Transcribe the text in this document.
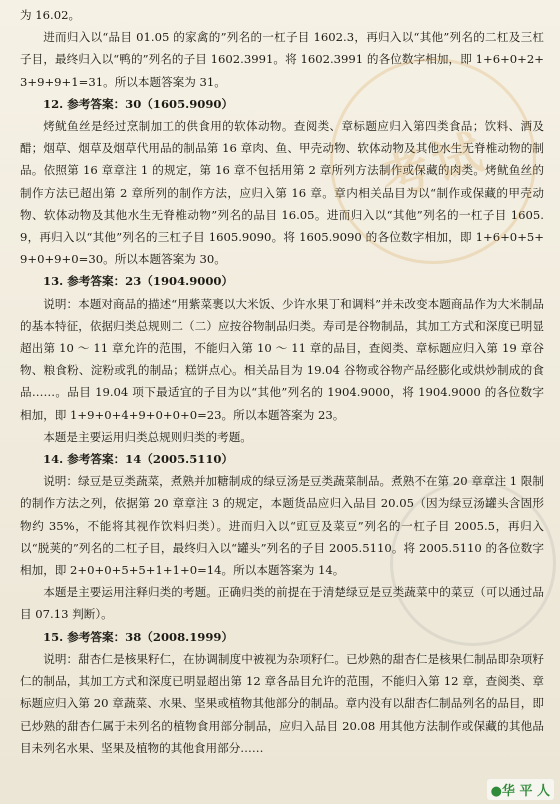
考试

为 16.02。

进而归入以“品目 01.05 的家禽的”列名的一杠子目 1602.3，再归入以“其他”列名的二杠及三杠子目，最终归入以“鸭的”列名的子目 1602.3991。将 1602.3991 的各位数字相加，即 1+6+0+2+3+9+9+1=31。所以本题答案为 31。

12. 参考答案：30（1605.9090）

烤鱿鱼丝是经过烹制加工的供食用的软体动物。查阅类、章标题应归入第四类食品；饮料、酒及醋；烟草、烟草及烟草代用品的制品第 16 章肉、鱼、甲壳动物、软体动物及其他水生无脊椎动物的制品。依照第 16 章章注 1 的规定，第 16 章不包括用第 2 章所列方法制作或保藏的肉类。烤鱿鱼丝的制作方法已超出第 2 章所列的制作方法，应归入第 16 章。章内相关品目为以“制作或保藏的甲壳动物、软体动物及其他水生无脊椎动物”列名的品目 16.05。进而归入以“其他”列名的一杠子目 1605.9，再归入以“其他”列名的三杠子目 1605.9090。将 1605.9090 的各位数字相加，即 1+6+0+5+9+0+9+0=30。所以本题答案为 30。

13. 参考答案：23（1904.9000）

说明：本题对商品的描述“用紫菜裹以大米饭、少许水果丁和调料”并未改变本题商品作为大米制品的基本特征，依据归类总规则二（二）应按谷物制品归类。寿司是谷物制品，其加工方式和深度已明显超出第 10 ～ 11 章允许的范围，不能归入第 10 ～ 11 章的品目，查阅类、章标题应归入第 19 章谷物、粮食粉、淀粉或乳的制品；糕饼点心。相关品目为 19.04 谷物或谷物产品经膨化或烘炒制成的食品……。品目 19.04 项下最适宜的子目为以“其他”列名的 1904.9000，将 1904.9000 的各位数字相加，即 1+9+0+4+9+0+0+0=23。所以本题答案为 23。

本题是主要运用归类总规则归类的考题。

14. 参考答案：14（2005.5110）

说明：绿豆是豆类蔬菜，煮熟并加糖制成的绿豆汤是豆类蔬菜制品。煮熟不在第 20 章章注 1 限制的制作方法之列，依据第 20 章章注 3 的规定，本题货品应归入品目 20.05（因为绿豆汤罐头含固形物约 35%，不能将其视作饮料归类）。进而归入以“豇豆及菜豆”列名的一杠子目 2005.5，再归入以“脱荚的”列名的二杠子目，最终归入以“罐头”列名的子目 2005.5110。将 2005.5110 的各位数字相加，即 2+0+0+5+5+1+1+0=14。所以本题答案为 14。

本题是主要运用注释归类的考题。正确归类的前提在于清楚绿豆是豆类蔬菜中的菜豆（可以通过品目 07.13 判断）。

15. 参考答案：38（2008.1999）

说明：甜杏仁是核果籽仁，在协调制度中被视为杂项籽仁。已炒熟的甜杏仁是核果仁制品即杂项籽仁的制品，其加工方式和深度已明显超出第 12 章各品目允许的范围，不能归入第 12 章，查阅类、章标题应归入第 20 章蔬菜、水果、坚果或植物其他部分的制品。章内没有以甜杏仁制品列名的品目，即已炒熟的甜杏仁属于未列名的植物食用部分制品，应归入品目 20.08 用其他方法制作或保藏的其他品目未列名水果、坚果及植物的其他食用部分……

●华 平 人
